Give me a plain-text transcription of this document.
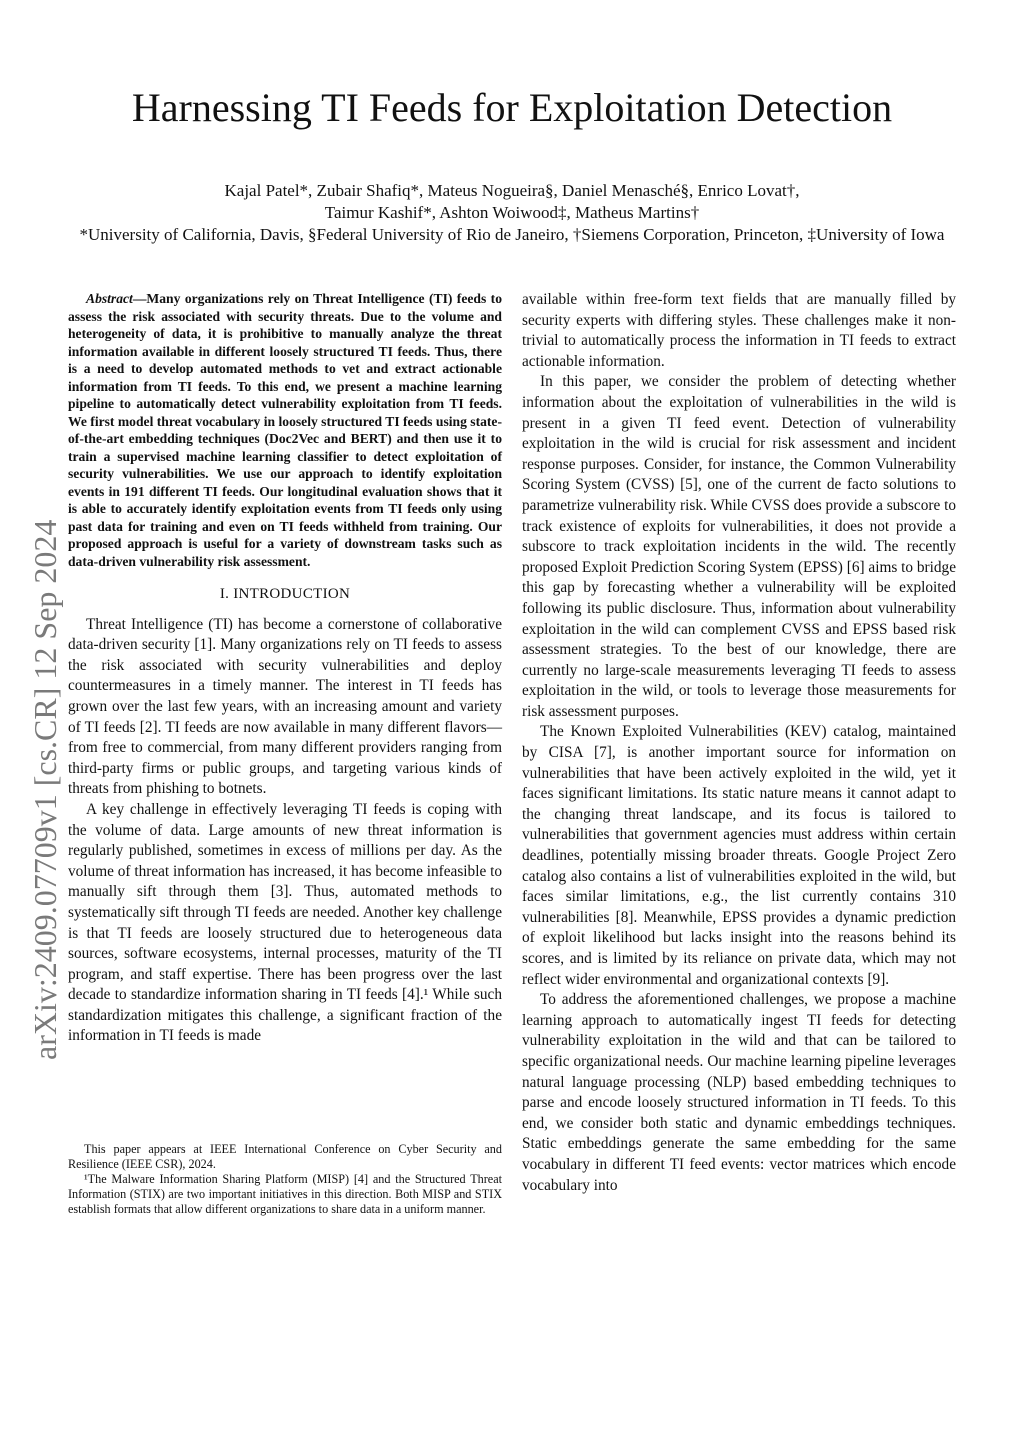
Harnessing TI Feeds for Exploitation Detection
Kajal Patel*, Zubair Shafiq*, Mateus Nogueira§, Daniel Menasché§, Enrico Lovat†,
Taimur Kashif*, Ashton Woiwood‡, Matheus Martins†
*University of California, Davis, §Federal University of Rio de Janeiro, †Siemens Corporation, Princeton, ‡University of Iowa
arXiv:2409.07709v1 [cs.CR] 12 Sep 2024

Abstract—Many organizations rely on Threat Intelligence (TI) feeds to assess the risk associated with security threats. Due to the volume and heterogeneity of data, it is prohibitive to manually analyze the threat information available in different loosely structured TI feeds. Thus, there is a need to develop automated methods to vet and extract actionable information from TI feeds. To this end, we present a machine learning pipeline to automatically detect vulnerability exploitation from TI feeds. We first model threat vocabulary in loosely structured TI feeds using state-of-the-art embedding techniques (Doc2Vec and BERT) and then use it to train a supervised machine learning classifier to detect exploitation of security vulnerabilities. We use our approach to identify exploitation events in 191 different TI feeds. Our longitudinal evaluation shows that it is able to accurately identify exploitation events from TI feeds only using past data for training and even on TI feeds withheld from training. Our proposed approach is useful for a variety of downstream tasks such as data-driven vulnerability risk assessment.

I. INTRODUCTION

Threat Intelligence (TI) has become a cornerstone of collaborative data-driven security [1]. Many organizations rely on TI feeds to assess the risk associated with security vulnerabilities and deploy countermeasures in a timely manner. The interest in TI feeds has grown over the last few years, with an increasing amount and variety of TI feeds [2]. TI feeds are now available in many different flavors—from free to commercial, from many different providers ranging from third-party firms or public groups, and targeting various kinds of threats from phishing to botnets.

A key challenge in effectively leveraging TI feeds is coping with the volume of data. Large amounts of new threat information is regularly published, sometimes in excess of millions per day. As the volume of threat information has increased, it has become infeasible to manually sift through them [3]. Thus, automated methods to systematically sift through TI feeds are needed. Another key challenge is that TI feeds are loosely structured due to heterogeneous data sources, software ecosystems, internal processes, maturity of the TI program, and staff expertise. There has been progress over the last decade to standardize information sharing in TI feeds [4].¹ While such standardization mitigates this challenge, a significant fraction of the information in TI feeds is made

This paper appears at IEEE International Conference on Cyber Security and Resilience (IEEE CSR), 2024.

¹The Malware Information Sharing Platform (MISP) [4] and the Structured Threat Information (STIX) are two important initiatives in this direction. Both MISP and STIX establish formats that allow different organizations to share data in a uniform manner.

available within free-form text fields that are manually filled by security experts with differing styles. These challenges make it non-trivial to automatically process the information in TI feeds to extract actionable information.

In this paper, we consider the problem of detecting whether information about the exploitation of vulnerabilities in the wild is present in a given TI feed event. Detection of vulnerability exploitation in the wild is crucial for risk assessment and incident response purposes. Consider, for instance, the Common Vulnerability Scoring System (CVSS) [5], one of the current de facto solutions to parametrize vulnerability risk. While CVSS does provide a subscore to track existence of exploits for vulnerabilities, it does not provide a subscore to track exploitation incidents in the wild. The recently proposed Exploit Prediction Scoring System (EPSS) [6] aims to bridge this gap by forecasting whether a vulnerability will be exploited following its public disclosure. Thus, information about vulnerability exploitation in the wild can complement CVSS and EPSS based risk assessment strategies. To the best of our knowledge, there are currently no large-scale measurements leveraging TI feeds to assess exploitation in the wild, or tools to leverage those measurements for risk assessment purposes.

The Known Exploited Vulnerabilities (KEV) catalog, maintained by CISA [7], is another important source for information on vulnerabilities that have been actively exploited in the wild, yet it faces significant limitations. Its static nature means it cannot adapt to the changing threat landscape, and its focus is tailored to vulnerabilities that government agencies must address within certain deadlines, potentially missing broader threats. Google Project Zero catalog also contains a list of vulnerabilities exploited in the wild, but faces similar limitations, e.g., the list currently contains 310 vulnerabilities [8]. Meanwhile, EPSS provides a dynamic prediction of exploit likelihood but lacks insight into the reasons behind its scores, and is limited by its reliance on private data, which may not reflect wider environmental and organizational contexts [9].

To address the aforementioned challenges, we propose a machine learning approach to automatically ingest TI feeds for detecting vulnerability exploitation in the wild and that can be tailored to specific organizational needs. Our machine learning pipeline leverages natural language processing (NLP) based embedding techniques to parse and encode loosely structured information in TI feeds. To this end, we consider both static and dynamic embeddings techniques. Static embeddings generate the same embedding for the same vocabulary in different TI feed events: vector matrices which encode vocabulary into
